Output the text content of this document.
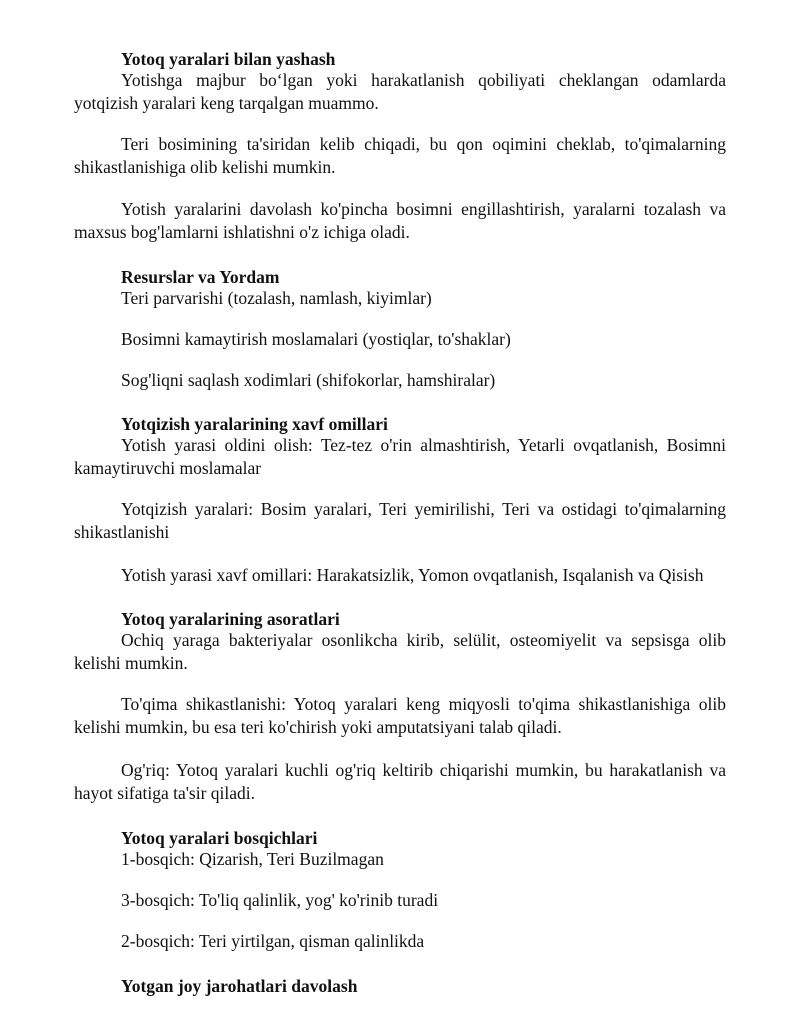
Yotoq yaralari bilan yashash

Yotishga majbur bo‘lgan yoki harakatlanish qobiliyati cheklangan odamlarda yotqizish yaralari keng tarqalgan muammo.

Teri bosimining ta'siridan kelib chiqadi, bu qon oqimini cheklab, to'qimalarning shikastlanishiga olib kelishi mumkin.

Yotish yaralarini davolash ko'pincha bosimni engillashtirish, yaralarni tozalash va maxsus bog'lamlarni ishlatishni o'z ichiga oladi.

Resurslar va Yordam
Teri parvarishi (tozalash, namlash, kiyimlar)
Bosimni kamaytirish moslamalari (yostiqlar, to'shaklar)
Sog'liqni saqlash xodimlari (shifokorlar, hamshiralar)
Yotqizish yaralarining xavf omillari

Yotish yarasi oldini olish: Tez-tez o'rin almashtirish, Yetarli ovqatlanish, Bosimni kamaytiruvchi moslamalar

Yotqizish yaralari: Bosim yaralari, Teri yemirilishi, Teri va ostidagi to'qimalarning shikastlanishi

Yotish yarasi xavf omillari: Harakatsizlik, Yomon ovqatlanish, Isqalanish va Qisish
Yotoq yaralarining asoratlari

Ochiq yaraga bakteriyalar osonlikcha kirib, selülit, osteomiyelit va sepsisga olib kelishi mumkin.

To'qima shikastlanishi: Yotoq yaralari keng miqyosli to'qima shikastlanishiga olib kelishi mumkin, bu esa teri ko'chirish yoki amputatsiyani talab qiladi.

Og'riq: Yotoq yaralari kuchli og'riq keltirib chiqarishi mumkin, bu harakatlanish va hayot sifatiga ta'sir qiladi.

Yotoq yaralari bosqichlari
1-bosqich: Qizarish, Teri Buzilmagan
3-bosqich: To'liq qalinlik, yog' ko'rinib turadi
2-bosqich: Teri yirtilgan, qisman qalinlikda
Yotgan joy jarohatlari davolash
